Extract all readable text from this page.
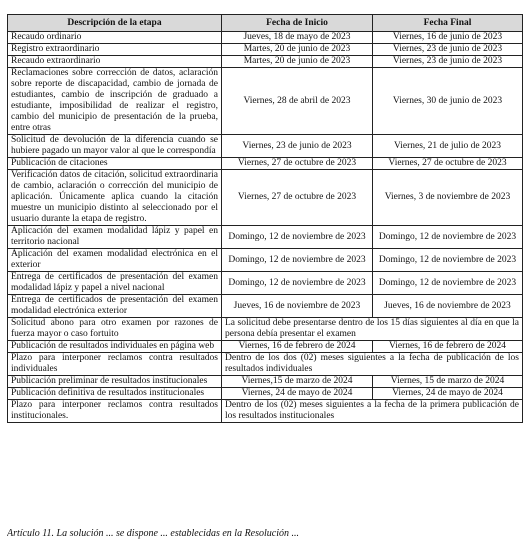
Descripción de la etapa	Fecha de Inicio	Fecha Final
Recaudo ordinario	Jueves, 18 de mayo de 2023	Viernes, 16 de junio de 2023
Registro extraordinario	Martes, 20 de junio de 2023	Viernes, 23 de junio de 2023
Recaudo extraordinario	Martes, 20 de junio de 2023	Viernes, 23 de junio de 2023
Reclamaciones sobre corrección de datos, aclaración sobre reporte de discapacidad, cambio de jornada de estudiantes, cambio de inscripción de graduado a estudiante, imposibilidad de realizar el registro, cambio del municipio de presentación de la prueba, entre otras	Viernes, 28 de abril de 2023	Viernes, 30 de junio de 2023
Solicitud de devolución de la diferencia cuando se hubiere pagado un mayor valor al que le correspondía	Viernes, 23 de junio de 2023	Viernes, 21 de julio de 2023
Publicación de citaciones	Viernes, 27 de octubre de 2023	Viernes, 27 de octubre de 2023
Verificación datos de citación, solicitud extraordinaria de cambio, aclaración o corrección del municipio de aplicación. Únicamente aplica cuando la citación muestre un municipio distinto al seleccionado por el usuario durante la etapa de registro.	Viernes, 27 de octubre de 2023	Viernes, 3 de noviembre de 2023
Aplicación del examen modalidad lápiz y papel en territorio nacional	Domingo, 12 de noviembre de 2023	Domingo, 12 de noviembre de 2023
Aplicación del examen modalidad electrónica en el exterior	Domingo, 12 de noviembre de 2023	Domingo, 12 de noviembre de 2023
Entrega de certificados de presentación del examen modalidad lápiz y papel a nivel nacional	Domingo, 12 de noviembre de 2023	Domingo, 12 de noviembre de 2023
Entrega de certificados de presentación del examen modalidad electrónica exterior	Jueves, 16 de noviembre de 2023	Jueves, 16 de noviembre de 2023
Solicitud abono para otro examen por razones de fuerza mayor o caso fortuito	La solicitud debe presentarse dentro de los 15 días siguientes al día en que la persona debía presentar el examen	
Publicación de resultados individuales en página web	Viernes, 16 de febrero de 2024	Viernes, 16 de febrero de 2024
Plazo para interponer reclamos contra resultados individuales	Dentro de los dos (02) meses siguientes a la fecha de publicación de los resultados individuales	
Publicación preliminar de resultados institucionales	Viernes,15 de marzo de 2024	Viernes, 15 de marzo de 2024
Publicación definitiva de resultados institucionales	Viernes, 24 de mayo de 2024	Viernes, 24 de mayo de 2024
Plazo para interponer reclamos contra resultados institucionales.	Dentro de los (02) meses siguientes a la fecha de la primera publicación de los resultados institucionales	
Artículo 11. La solución ... se dispone ... establecidas en la Resolución ...
